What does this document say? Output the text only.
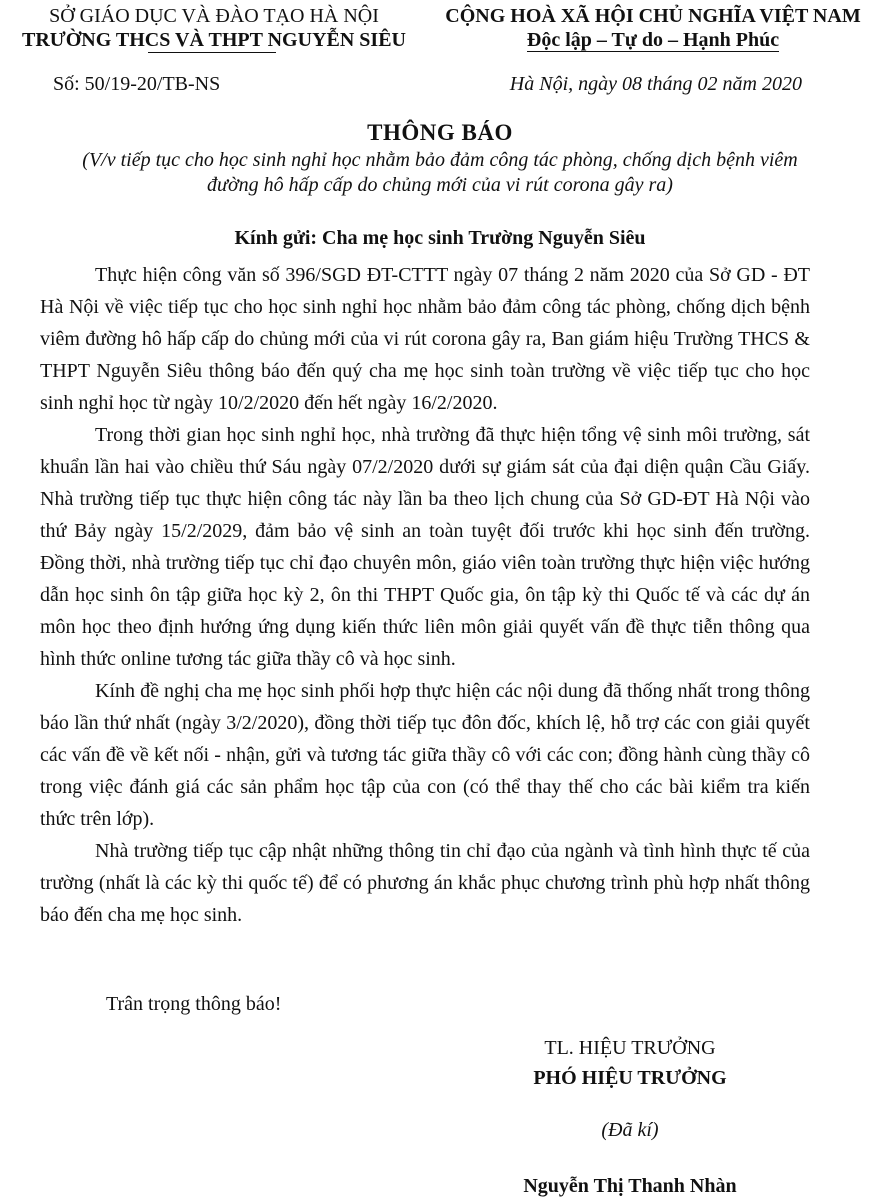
SỞ GIÁO DỤC VÀ ĐÀO TẠO HÀ NỘI
TRƯỜNG THCS VÀ THPT NGUYỄN SIÊU
CỘNG HOÀ XÃ HỘI CHỦ NGHĨA VIỆT NAM
Độc lập – Tự do – Hạnh Phúc
Số: 50/19-20/TB-NS	Hà Nội, ngày 08 tháng 02 năm 2020
THÔNG BÁO
(V/v tiếp tục cho học sinh nghỉ học nhằm bảo đảm công tác phòng, chống dịch bệnh viêm đường hô hấp cấp do chủng mới của vi rút corona gây ra)
Kính gửi: Cha mẹ học sinh Trường Nguyễn Siêu

Thực hiện công văn số 396/SGD ĐT-CTTT ngày 07 tháng 2 năm 2020 của Sở GD - ĐT Hà Nội về việc tiếp tục cho học sinh nghỉ học nhằm bảo đảm công tác phòng, chống dịch bệnh viêm đường hô hấp cấp do chủng mới của vi rút corona gây ra, Ban giám hiệu Trường THCS & THPT Nguyễn Siêu thông báo đến quý cha mẹ học sinh toàn trường về việc tiếp tục cho học sinh nghỉ học từ ngày 10/2/2020 đến hết ngày 16/2/2020.

Trong thời gian học sinh nghỉ học, nhà trường đã thực hiện tổng vệ sinh môi trường, sát khuẩn lần hai vào chiều thứ Sáu ngày 07/2/2020 dưới sự giám sát của đại diện quận Cầu Giấy. Nhà trường tiếp tục thực hiện công tác này lần ba theo lịch chung của Sở GD-ĐT Hà Nội vào thứ Bảy ngày 15/2/2029, đảm bảo vệ sinh an toàn tuyệt đối trước khi học sinh đến trường. Đồng thời, nhà trường tiếp tục chỉ đạo chuyên môn, giáo viên toàn trường thực hiện việc hướng dẫn học sinh ôn tập giữa học kỳ 2, ôn thi THPT Quốc gia, ôn tập kỳ thi Quốc tế và các dự án môn học theo định hướng ứng dụng kiến thức liên môn giải quyết vấn đề thực tiễn thông qua hình thức online tương tác giữa thầy cô và học sinh.

Kính đề nghị cha mẹ học sinh phối hợp thực hiện các nội dung đã thống nhất trong thông báo lần thứ nhất (ngày 3/2/2020), đồng thời tiếp tục đôn đốc, khích lệ, hỗ trợ các con giải quyết các vấn đề về kết nối - nhận, gửi và tương tác giữa thầy cô với các con; đồng hành cùng thầy cô trong việc đánh giá các sản phẩm học tập của con (có thể thay thế cho các bài kiểm tra kiến thức trên lớp).

Nhà trường tiếp tục cập nhật những thông tin chỉ đạo của ngành và tình hình thực tế của trường (nhất là các kỳ thi quốc tế) để có phương án khắc phục chương trình phù hợp nhất thông báo đến cha mẹ học sinh.

Trân trọng thông báo!
TL. HIỆU TRƯỞNG
PHÓ HIỆU TRƯỞNG
(Đã kí)
Nguyễn Thị Thanh Nhàn
